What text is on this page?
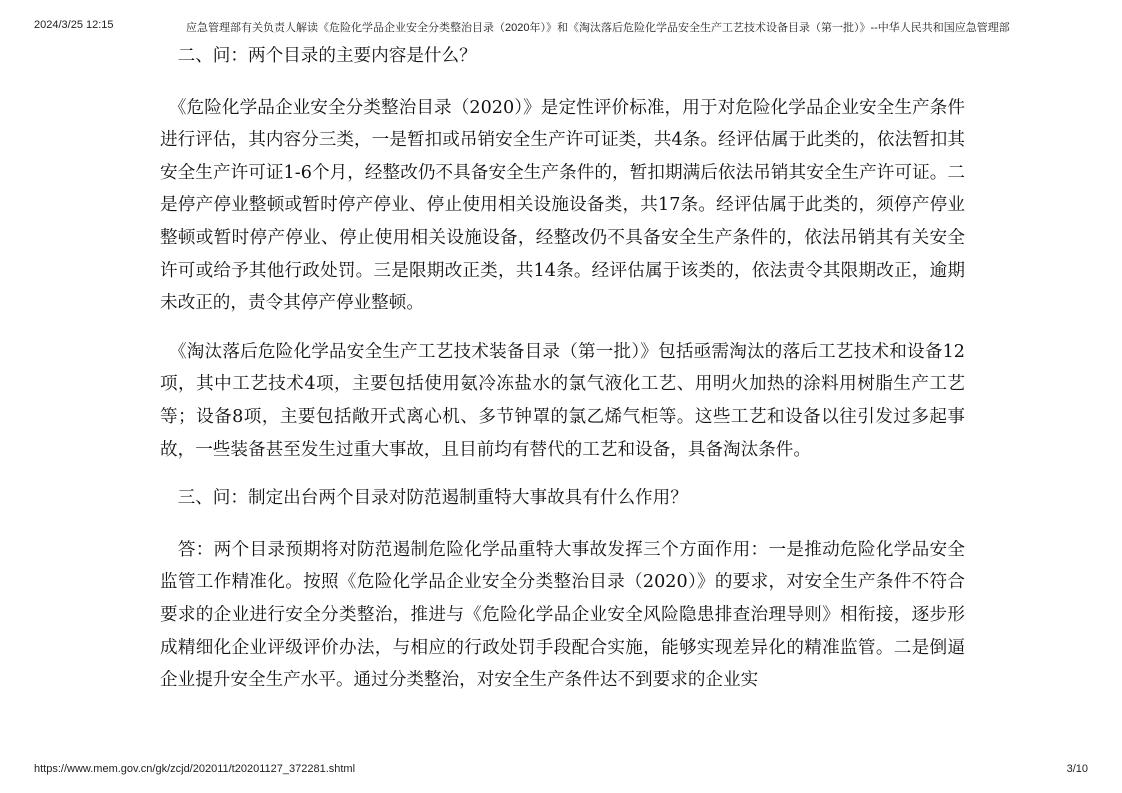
2024/3/25 12:15	应急管理部有关负责人解读《危险化学品企业安全分类整治目录（2020年）》和《淘汰落后危险化学品安全生产工艺技术设备目录（第一批）》--中华人民共和国应急管理部

　二、问：两个目录的主要内容是什么？

　《危险化学品企业安全分类整治目录（2020）》是定性评价标准，用于对危险化学品企业安全生产条件进行评估，其内容分三类，一是暂扣或吊销安全生产许可证类，共4条。经评估属于此类的，依法暂扣其安全生产许可证1-6个月，经整改仍不具备安全生产条件的，暂扣期满后依法吊销其安全生产许可证。二是停产停业整顿或暂时停产停业、停止使用相关设施设备类，共17条。经评估属于此类的，须停产停业整顿或暂时停产停业、停止使用相关设施设备，经整改仍不具备安全生产条件的，依法吊销其有关安全许可或给予其他行政处罚。三是限期改正类，共14条。经评估属于该类的，依法责令其限期改正，逾期未改正的，责令其停产停业整顿。

　《淘汰落后危险化学品安全生产工艺技术装备目录（第一批）》包括亟需淘汰的落后工艺技术和设备12项，其中工艺技术4项，主要包括使用氨冷冻盐水的氯气液化工艺、用明火加热的涂料用树脂生产工艺等；设备8项，主要包括敞开式离心机、多节钟罩的氯乙烯气柜等。这些工艺和设备以往引发过多起事故，一些装备甚至发生过重大事故，且目前均有替代的工艺和设备，具备淘汰条件。

　三、问：制定出台两个目录对防范遏制重特大事故具有什么作用？

　答：两个目录预期将对防范遏制危险化学品重特大事故发挥三个方面作用：一是推动危险化学品安全监管工作精准化。按照《危险化学品企业安全分类整治目录（2020）》的要求，对安全生产条件不符合要求的企业进行安全分类整治，推进与《危险化学品企业安全风险隐患排查治理导则》相衔接，逐步形成精细化企业评级评价办法，与相应的行政处罚手段配合实施，能够实现差异化的精准监管。二是倒逼企业提升安全生产水平。通过分类整治，对安全生产条件达不到要求的企业实

https://www.mem.gov.cn/gk/zcjd/202011/t20201127_372281.shtml	3/10
